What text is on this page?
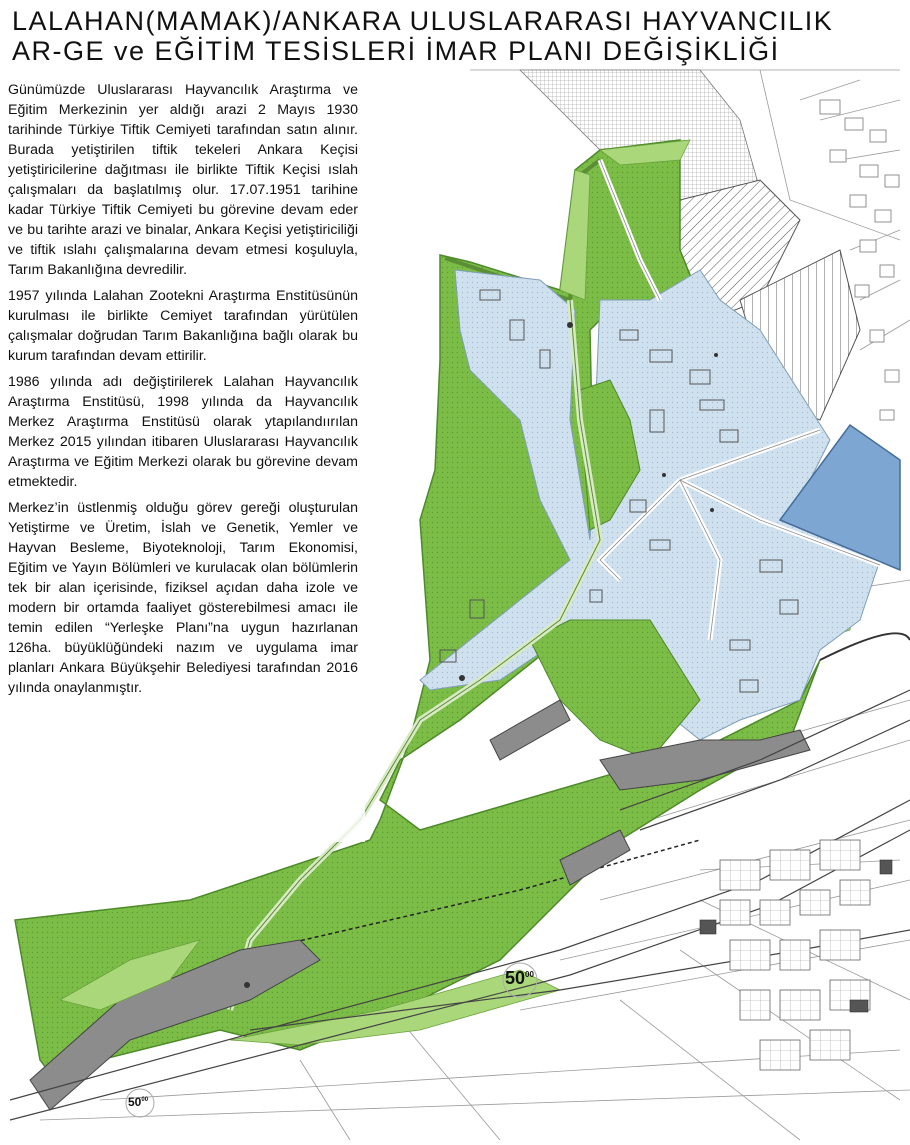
LALAHAN(MAMAK)/ANKARA ULUSLARARASI HAYVANCILIK
AR-GE ve EĞİTİM TESİSLERİ İMAR PLANI DEĞİŞİKLİĞİ

Günümüzde Uluslararası Hayvancılık Araştırma ve Eğitim Merkezinin yer aldığı arazi 2 Mayıs 1930 tarihinde Türkiye Tiftik Cemiyeti tarafından satın alınır. Burada yetiştirilen tiftik tekeleri Ankara Keçisi yetiştiricilerine dağıtması ile birlikte Tiftik Keçisi ıslah çalışmaları da başlatılmış olur. 17.07.1951 tarihine kadar Türkiye Tiftik Cemiyeti bu görevine devam eder ve bu tarihte arazi ve binalar, Ankara Keçisi yetiştiriciliği ve tiftik ıslahı çalışmalarına devam etmesi koşuluyla, Tarım Bakanlığına devredilir.

1957 yılında Lalahan Zootekni Araştırma Enstitüsünün kurulması ile birlikte Cemiyet tarafından yürütülen çalışmalar doğrudan Tarım Bakanlığına bağlı olarak bu kurum tarafından devam ettirilir.

1986 yılında adı değiştirilerek Lalahan Hayvancılık Araştırma Enstitüsü, 1998 yılında da Hayvancılık Merkez Araştırma Enstitüsü olarak ytapılandıırılan Merkez 2015 yılından itibaren Uluslararası Hayvancılık Araştırma ve Eğitim Merkezi olarak bu görevine devam etmektedir.

Merkez’in üstlenmiş olduğu görev gereği oluşturulan Yetiştirme ve Üretim, İslah ve Genetik, Yemler ve Hayvan Besleme, Biyoteknoloji, Tarım Ekonomisi, Eğitim ve Yayın Bölümleri ve kurulacak olan bölümlerin tek bir alan içerisinde, fiziksel açıdan daha izole ve modern bir ortamda faaliyet gösterebilmesi amacı ile temin edilen “Yerleşke Planı”na uygun hazırlanan 126ha. büyüklüğündeki nazım ve uygulama imar planları Ankara Büyükşehir Belediyesi tarafından 2016 yılında onaylanmıştır.

$50^{00}$
$50^{00}$
